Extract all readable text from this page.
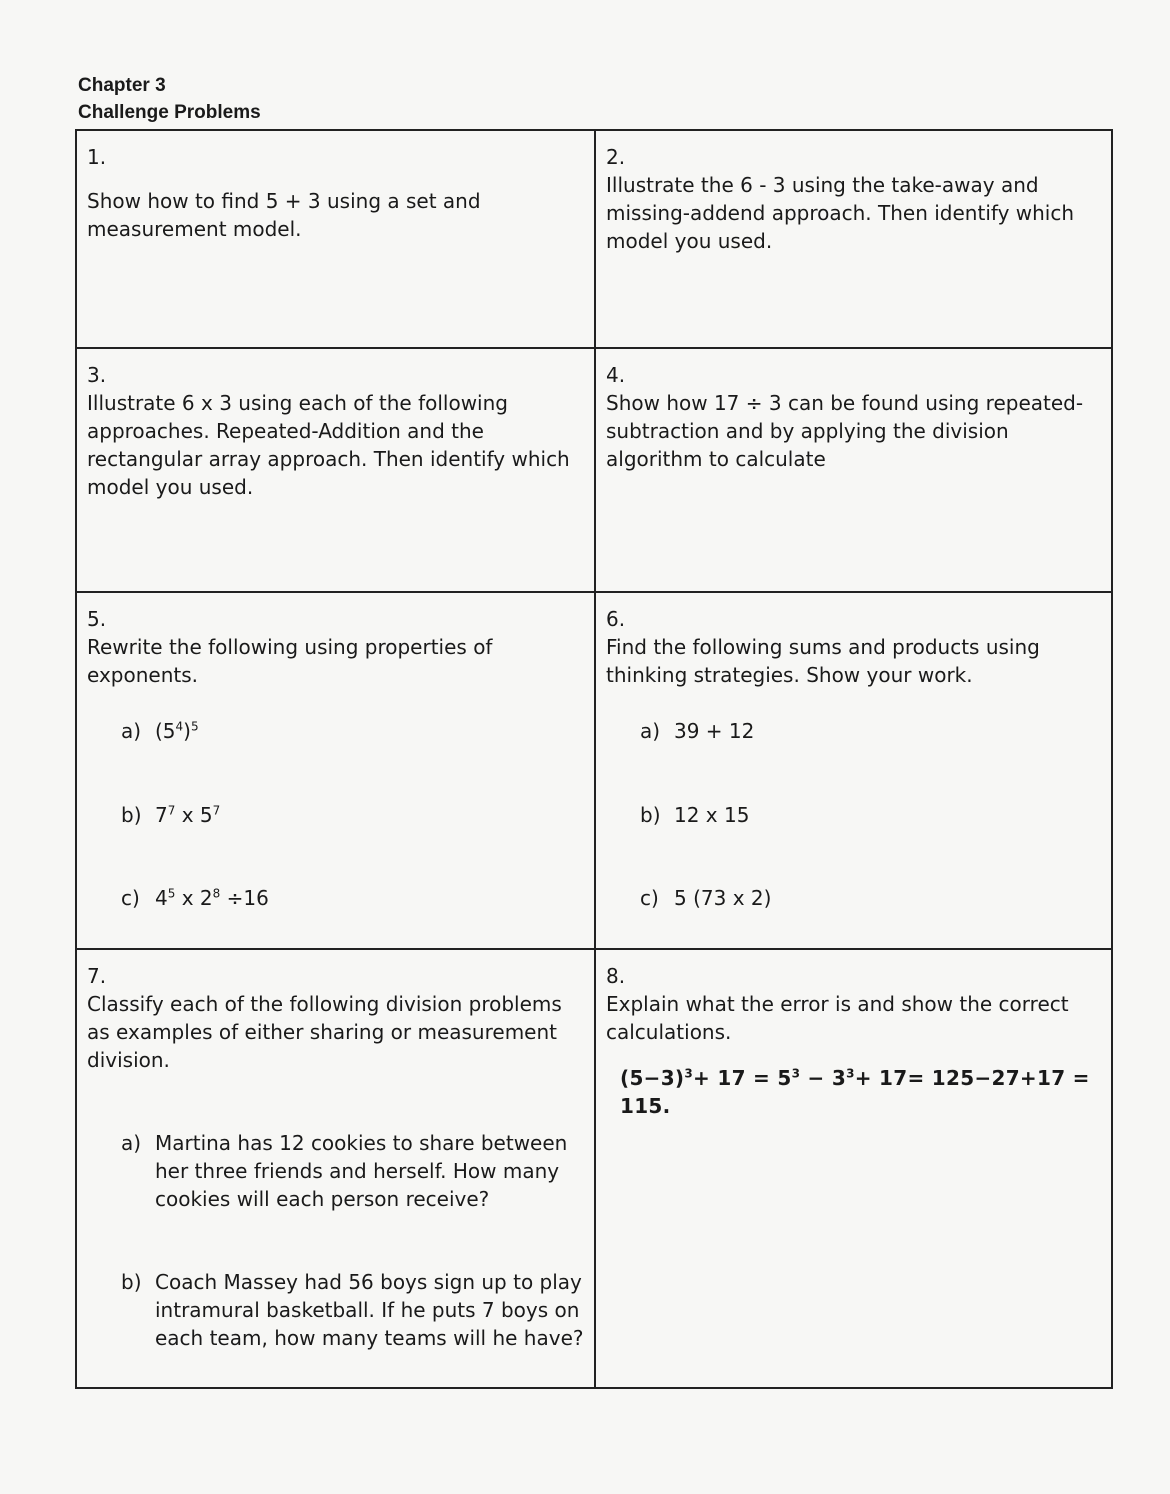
Chapter 3
Challenge Problems
1.
Show how to find 5 + 3 using a set and measurement model.
2.
Illustrate the 6 - 3 using the take-away and missing-addend approach. Then identify which model you used.
3.
Illustrate 6 x 3 using each of the following approaches. Repeated-Addition and the rectangular array approach. Then identify which model you used.
4.
Show how 17 ÷ 3 can be found using repeated-subtraction and by applying the division algorithm to calculate
5.
Rewrite the following using properties of exponents.
a) $(5^4)^5$
b) $7^7$ x $5^7$
c) $4^5$ x $2^8 \div 16$
6.
Find the following sums and products using thinking strategies. Show your work.
a) 39 + 12
b) 12 x 15
c) 5 (73 x 2)
7.
Classify each of the following division problems as examples of either sharing or measurement division.
a) Martina has 12 cookies to share between her three friends and herself. How many cookies will each person receive?
b) Coach Massey had 56 boys sign up to play intramural basketball. If he puts 7 boys on each team, how many teams will he have?
8.
Explain what the error is and show the correct calculations.
$(5-3)^3+ 17 = 5^3 - 3^3+ 17= 125-27+17 = 115$.
